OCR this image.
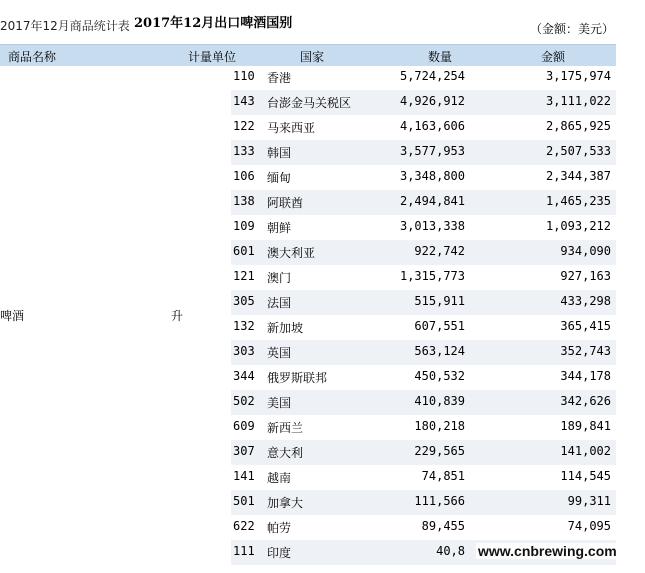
2017年12月商品统计表 2017年12月出口啤酒国别	（金额：美元）
商品名称	计量单位	国家	数量	金额
啤酒	升
110 香港	5,724,254	3,175,974
143 台澎金马关税区	4,926,912	3,111,022
122 马来西亚	4,163,606	2,865,925
133 韩国	3,577,953	2,507,533
106 缅甸	3,348,800	2,344,387
138 阿联酋	2,494,841	1,465,235
109 朝鲜	3,013,338	1,093,212
601 澳大利亚	922,742	934,090
121 澳门	1,315,773	927,163
305 法国	515,911	433,298
132 新加坡	607,551	365,415
303 英国	563,124	352,743
344 俄罗斯联邦	450,532	344,178
502 美国	410,839	342,626
609 新西兰	180,218	189,841
307 意大利	229,565	141,002
141 越南	74,851	114,545
501 加拿大	111,566	99,311
622 帕劳	89,455	74,095
111 印度	40,8 www.cnbrewing.com
